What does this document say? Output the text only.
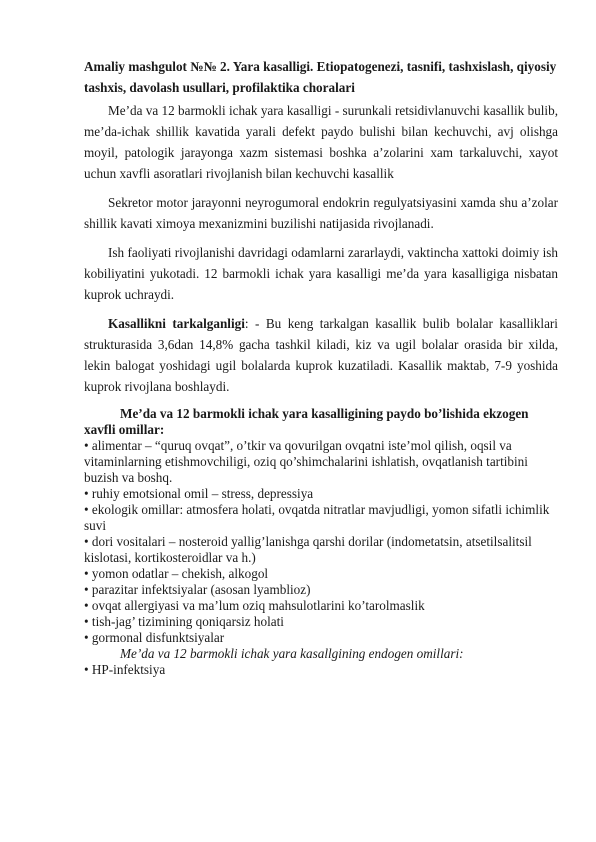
Amaliy mashgulot №№ 2. Yara kasalligi. Etiopatogenezi, tasnifi, tashxislash, qiyosiy tashxis, davolash usullari, profilaktika choralari

Me’da va 12 barmokli ichak yara kasalligi - surunkali retsidivlanuvchi kasallik bulib, me’da-ichak shillik kavatida yarali defekt paydo bulishi bilan kechuvchi, avj olishga moyil, patologik jarayonga xazm sistemasi boshka a’zolarini xam tarkaluvchi, xayot uchun xavfli asoratlari rivojlanish bilan kechuvchi kasallik

Sekretor motor jarayonni neyrogumoral endokrin regulyatsiyasini xamda shu a’zolar shillik kavati ximoya mexanizmini buzilishi natijasida rivojlanadi.

Ish faoliyati rivojlanishi davridagi odamlarni zararlaydi, vaktincha xattoki doimiy ish kobiliyatini yukotadi. 12 barmokli ichak yara kasalligi me’da yara kasalligiga nisbatan kuprok uchraydi.

Kasallikni tarkalganligi: - Bu keng tarkalgan kasallik bulib bolalar kasalliklari strukturasida 3,6dan 14,8% gacha tashkil kiladi, kiz va ugil bolalar orasida bir xilda, lekin balogat yoshidagi ugil bolalarda kuprok kuzatiladi. Kasallik maktab, 7-9 yoshida kuprok rivojlana boshlaydi.

Me’da va 12 barmokli ichak yara kasalligining paydo bo’lishida ekzogen xavfli omillar:

• alimentar – “quruq ovqat”, o’tkir va qovurilgan ovqatni iste’mol qilish, oqsil va vitaminlarning etishmovchiligi, oziq qo’shimchalarini ishlatish, ovqatlanish tartibini buzish va boshq.
• ruhiy emotsional omil – stress, depressiya
• ekologik omillar: atmosfera holati, ovqatda nitratlar mavjudligi, yomon sifatli ichimlik suvi
• dori vositalari – nosteroid yallig’lanishga qarshi dorilar (indometatsin, atsetilsalitsil kislotasi, kortikosteroidlar va h.)
• yomon odatlar – chekish, alkogol
• parazitar infektsiyalar (asosan lyamblioz)
• ovqat allergiyasi va ma’lum oziq mahsulotlarini ko’tarolmaslik
• tish-jag’ tizimining qoniqarsiz holati
• gormonal disfunktsiyalar

Me’da va 12 barmokli ichak yara kasallgining endogen omillari:

• HP-infektsiya
